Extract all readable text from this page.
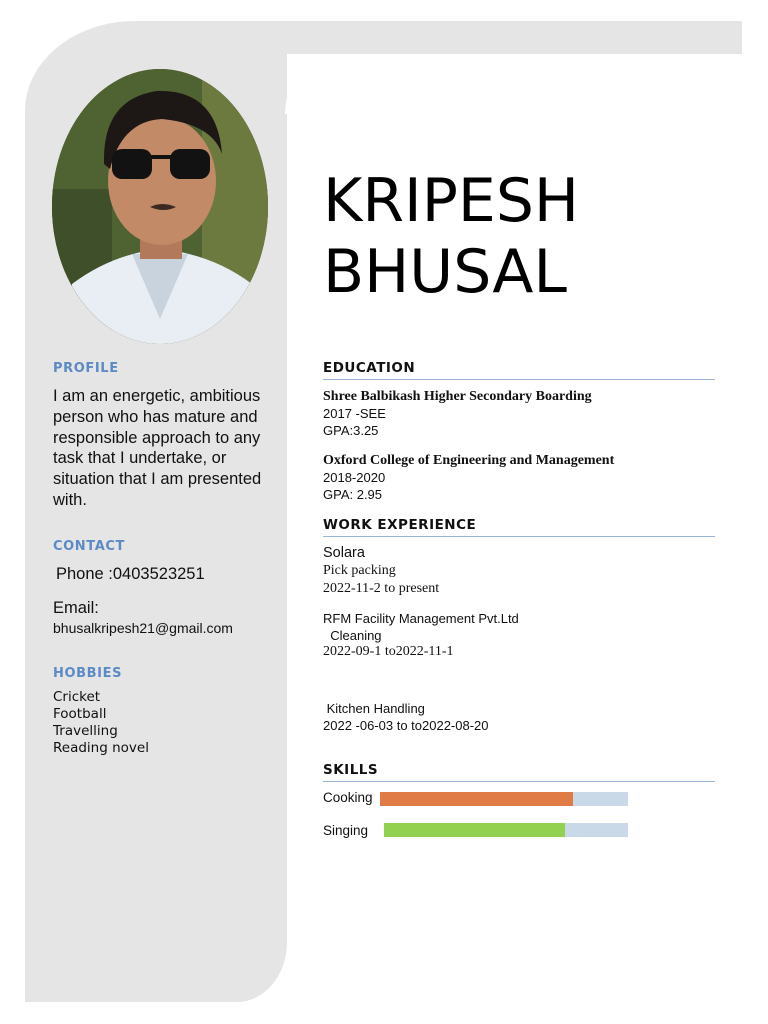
PROFILE
I am an energetic, ambitious person who has mature and responsible approach to any task that I undertake, or situation that I am presented with.
CONTACT
Phone :0403523251
Email:
bhusalkripesh21@gmail.com
HOBBIES
Cricket
Football
Travelling
Reading novel
KRIPESH
BHUSAL
EDUCATION
Shree Balbikash Higher Secondary Boarding
2017 -SEE
GPA:3.25
Oxford College of Engineering and Management
2018-2020
GPA: 2.95
WORK EXPERIENCE
Solara
Pick packing
2022-11-2 to present
RFM Facility Management Pvt.Ltd
Cleaning
2022-09-1 to2022-11-1
Kitchen Handling
2022 -06-03 to to2022-08-20
SKILLS
Cooking
Singing
